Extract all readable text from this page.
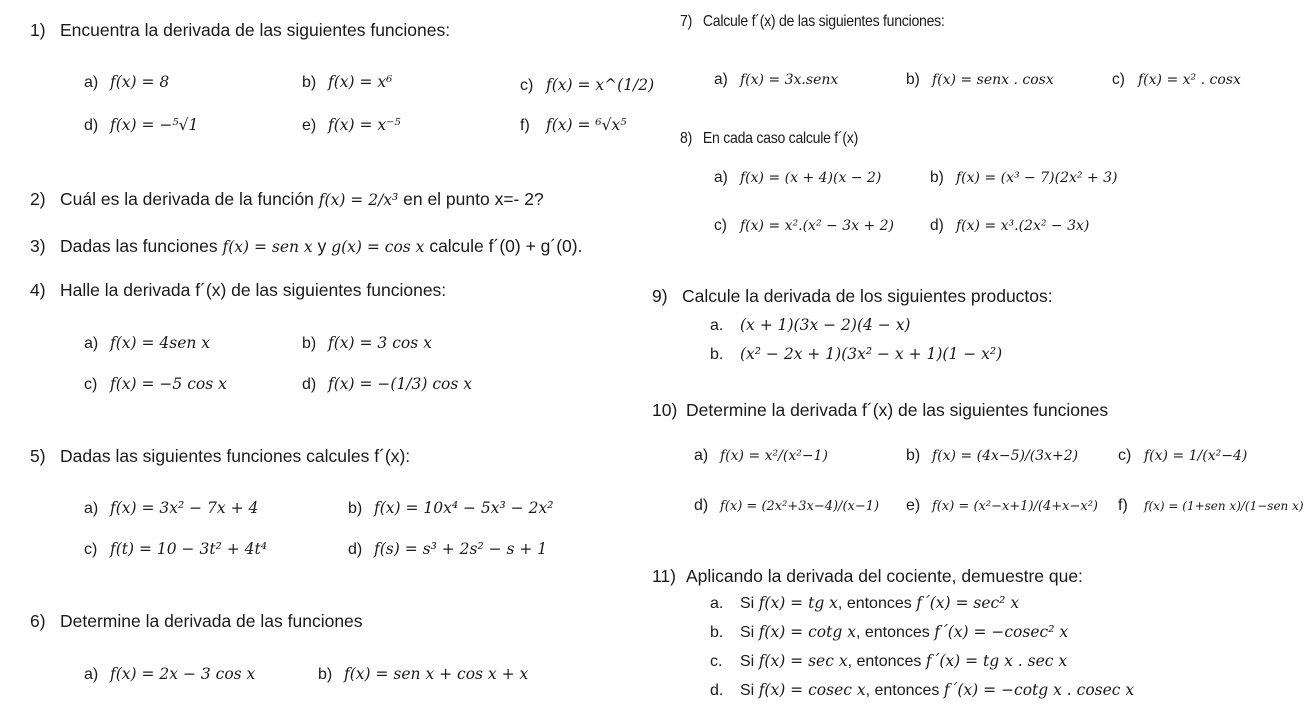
1) Encuentra la derivada de las siguientes funciones:
a) f(x) = 8	b) f(x) = x⁶	c) f(x) = x^(1/2)
d) f(x) = −⁵√1	e) f(x) = x⁻⁵	f) f(x) = ⁶√x⁵
2) Cuál es la derivada de la función f(x) = 2/x³ en el punto x=- 2?
3) Dadas las funciones f(x) = sen x y g(x) = cos x calcule f´(0) + g´(0).
4) Halle la derivada f´(x) de las siguientes funciones:
a) f(x) = 4sen x	b) f(x) = 3 cos x
c) f(x) = −5 cos x	d) f(x) = −(1/3) cos x
5) Dadas las siguientes funciones calcules f´(x):
a) f(x) = 3x² − 7x + 4	b) f(x) = 10x⁴ − 5x³ − 2x²
c) f(t) = 10 − 3t² + 4t⁴	d) f(s) = s³ + 2s² − s + 1
6) Determine la derivada de las funciones
a) f(x) = 2x − 3 cos x	b) f(x) = sen x + cos x + x
7) Calcule f´(x) de las siguientes funciones:
a) f(x) = 3x.senx	b) f(x) = senx . cosx	c) f(x) = x² . cosx
8) En cada caso calcule f´(x)
a) f(x) = (x + 4)(x − 2)	b) f(x) = (x³ − 7)(2x² + 3)
c) f(x) = x².(x² − 3x + 2) d) f(x) = x³.(2x² − 3x)
9) Calcule la derivada de los siguientes productos:
a. (x + 1)(3x − 2)(4 − x)
b. (x² − 2x + 1)(3x² − x + 1)(1 − x²)
10) Determine la derivada f´(x) de las siguientes funciones
a) f(x) = x²/(x²−1)	b) f(x) = (4x−5)/(3x+2) c) f(x) = 1/(x²−4)
d) f(x) = (2x²+3x−4)/(x−1) e) f(x) = (x²−x+1)/(4+x−x²) f) f(x) = (1+sen x)/(1−sen x)
11) Aplicando la derivada del cociente, demuestre que:
a. Si f(x) = tg x, entonces f´(x) = sec² x
b. Si f(x) = cotg x, entonces f´(x) = −cosec² x
c. Si f(x) = sec x, entonces f´(x) = tg x . sec x
d. Si f(x) = cosec x, entonces f´(x) = −cotg x . cosec x
